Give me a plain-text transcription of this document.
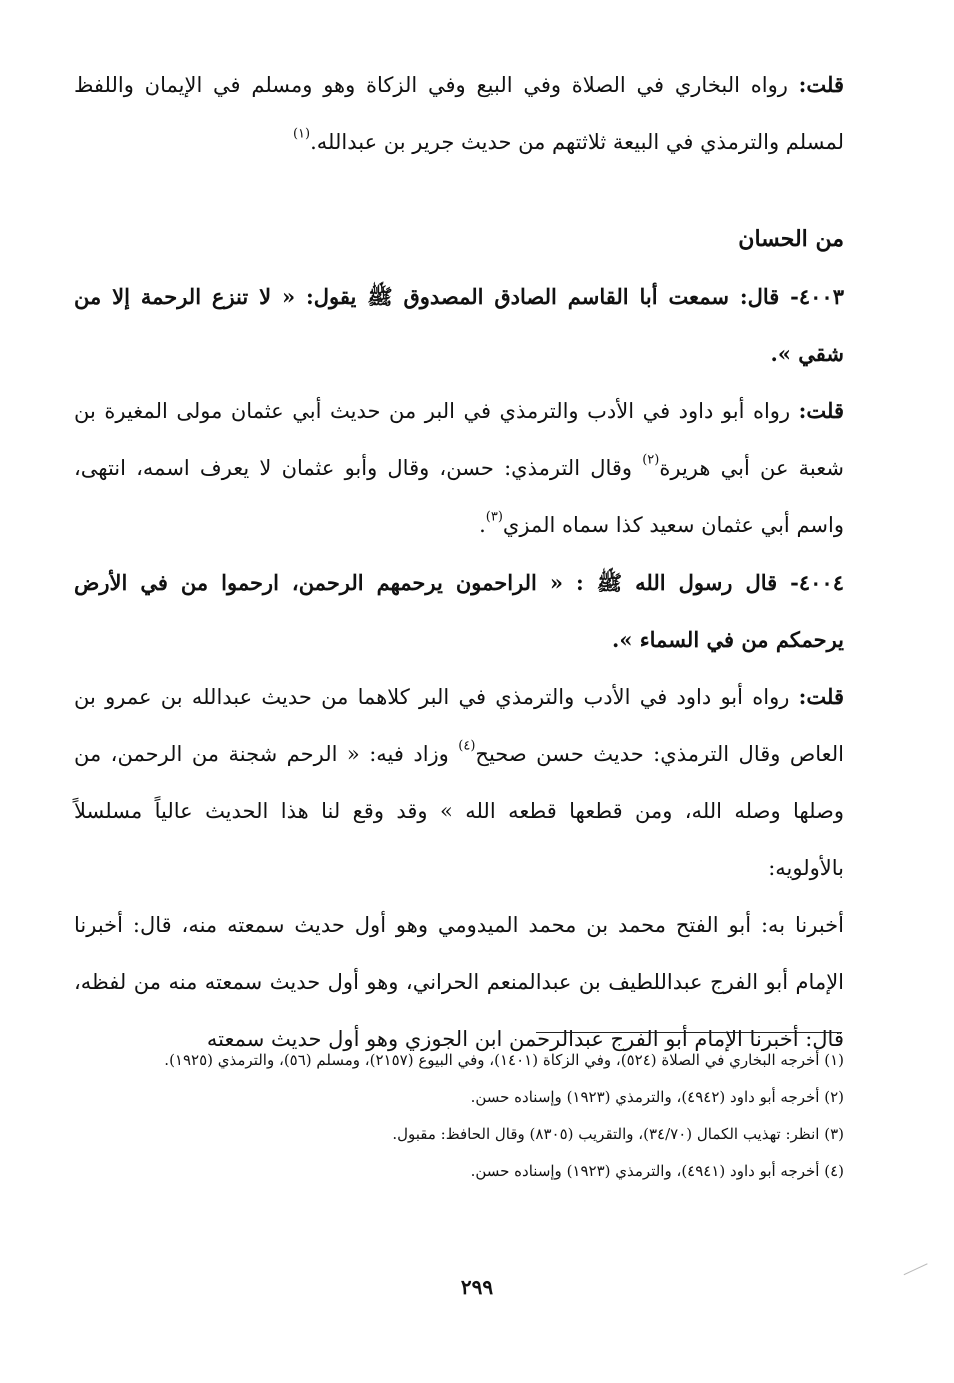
قلت: رواه البخاري في الصلاة وفي البيع وفي الزكاة وهو ومسلم في الإيمان واللفظ لمسلم والترمذي في البيعة ثلاثتهم من حديث جرير بن عبدالله.$^{(١)}$

من الحسان

٤٠٠٣- قال: سمعت أبا القاسم الصادق المصدوق ﷺ يقول: « لا تنزع الرحمة إلا من شقي ».

قلت: رواه أبو داود في الأدب والترمذي في البر من حديث أبي عثمان مولى المغيرة بن شعبة عن أبي هريرة$^{(٢)}$ وقال الترمذي: حسن، وقال وأبو عثمان لا يعرف اسمه، انتهى، واسم أبي عثمان سعيد كذا سماه المزي$^{(٣)}$.

٤٠٠٤- قال رسول الله ﷺ : « الراحمون يرحمهم الرحمن، ارحموا من في الأرض يرحمكم من في السماء ».

قلت: رواه أبو داود في الأدب والترمذي في البر كلاهما من حديث عبدالله بن عمرو بن العاص وقال الترمذي: حديث حسن صحيح$^{(٤)}$ وزاد فيه: « الرحم شجنة من الرحمن، من وصلها وصله الله، ومن قطعها قطعه الله » وقد وقع لنا هذا الحديث عالياً مسلسلاً بالأولويه:

أخبرنا به: أبو الفتح محمد بن محمد الميدومي وهو أول حديث سمعته منه، قال: أخبرنا الإمام أبو الفرج عبداللطيف بن عبدالمنعم الحراني، وهو أول حديث سمعته منه من لفظه، قال: أخبرنا الإمام أبو الفرج عبدالرحمن ابن الجوزي وهو أول حديث سمعته

(١) أخرجه البخاري في الصلاة (٥٢٤)، وفي الزكاة (١٤٠١)، وفي البيوع (٢١٥٧)، ومسلم (٥٦)، والترمذي (١٩٢٥).

(٢) أخرجه أبو داود (٤٩٤٢)، والترمذي (١٩٢٣) وإسناده حسن.

(٣) انظر: تهذيب الكمال (٣٤/٧٠)، والتقريب (٨٣٠٥) وقال الحافظ: مقبول.

(٤) أخرجه أبو داود (٤٩٤١)، والترمذي (١٩٢٣) وإسناده حسن.

٢٩٩
